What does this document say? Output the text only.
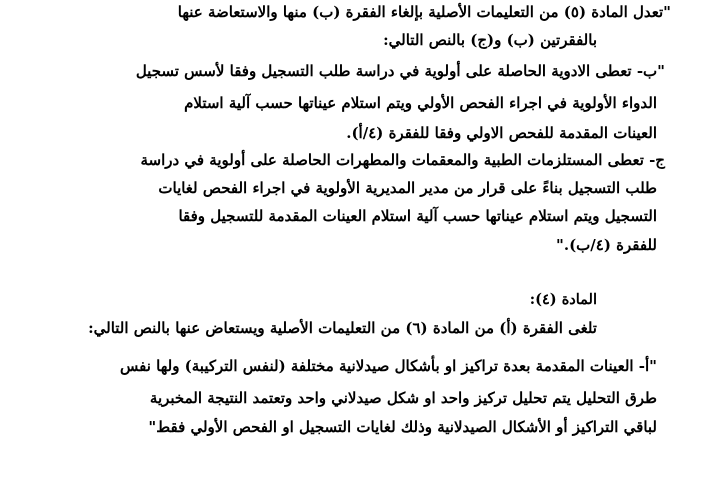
"تعدل المادة (٥) من التعليمات الأصلية بإلغاء الفقرة (ب) منها والاستعاضة عنها
بالفقرتين (ب) و(ج) بالنص التالي:
"ب- تعطى الادوية الحاصلة على أولوية في دراسة طلب التسجيل وفقا لأسس تسجيل
الدواء الأولوية في اجراء الفحص الأولي ويتم استلام عيناتها حسب آلية استلام
العينات المقدمة للفحص الاولي وفقا للفقرة (٤/أ).
ج- تعطى المستلزمات الطبية والمعقمات والمطهرات الحاصلة على أولوية في دراسة
طلب التسجيل بناءً على قرار من مدير المديرية الأولوية في اجراء الفحص لغايات
التسجيل ويتم استلام عيناتها حسب آلية استلام العينات المقدمة للتسجيل وفقا
للفقرة (٤/ب)."
المادة (٤):
تلغى الفقرة (أ) من المادة (٦) من التعليمات الأصلية ويستعاض عنها بالنص التالي:
"أ- العينات المقدمة بعدة تراكيز او بأشكال صيدلانية مختلفة (لنفس التركيبة) ولها نفس
طرق التحليل يتم تحليل تركيز واحد او شكل صيدلاني واحد وتعتمد النتيجة المخبرية
لباقي التراكيز أو الأشكال الصيدلانية وذلك لغايات التسجيل او الفحص الأولي فقط"
